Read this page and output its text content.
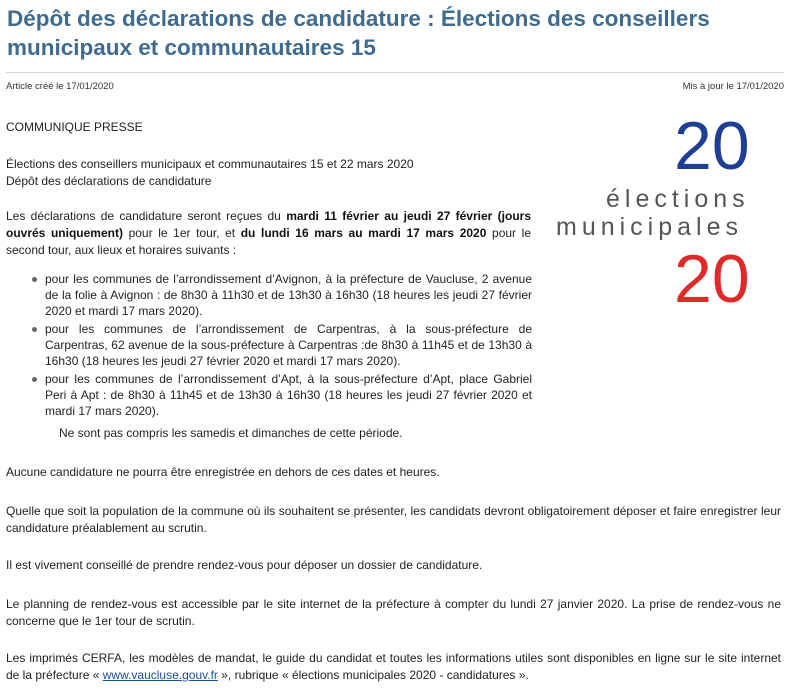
Dépôt des déclarations de candidature : Élections des conseillers municipaux et communautaires 15
Article créé le 17/01/2020	Mis à jour le 17/01/2020
20
élections
municipales
20

COMMUNIQUE PRESSE

Élections des conseillers municipaux et communautaires 15 et 22 mars 2020
Dépôt des déclarations de candidature

Les déclarations de candidature seront reçues du mardi 11 février au jeudi 27 février (jours ouvrés uniquement) pour le 1er tour, et du lundi 16 mars au mardi 17 mars 2020 pour le second tour, aux lieux et horaires suivants :

pour les communes de l’arrondissement d’Avignon, à la préfecture de Vaucluse, 2 avenue de la folie à Avignon : de 8h30 à 11h30 et de 13h30 à 16h30 (18 heures les jeudi 27 février 2020 et mardi 17 mars 2020).
pour les communes de l’arrondissement de Carpentras, à la sous-préfecture de Carpentras, 62 avenue de la sous-préfecture à Carpentras :de 8h30 à 11h45 et de 13h30 à 16h30 (18 heures les jeudi 27 février 2020 et mardi 17 mars 2020).
pour les communes de l’arrondissement d’Apt, à la sous-préfecture d’Apt, place Gabriel Peri à Apt : de 8h30 à 11h45 et de 13h30 à 16h30 (18 heures les jeudi 27 février 2020 et mardi 17 mars 2020).
Ne sont pas compris les samedis et dimanches de cette période.

Aucune candidature ne pourra être enregistrée en dehors de ces dates et heures.

Quelle que soit la population de la commune où ils souhaitent se présenter, les candidats devront obligatoirement déposer et faire enregistrer leur candidature préalablement au scrutin.

Il est vivement conseillé de prendre rendez-vous pour déposer un dossier de candidature.

Le planning de rendez-vous est accessible par le site internet de la préfecture à compter du lundi 27 janvier 2020. La prise de rendez-vous ne concerne que le 1er tour de scrutin.

Les imprimés CERFA, les modèles de mandat, le guide du candidat et toutes les informations utiles sont disponibles en ligne sur le site internet de la préfecture « www.vaucluse.gouv.fr », rubrique « élections municipales 2020 - candidatures ».
